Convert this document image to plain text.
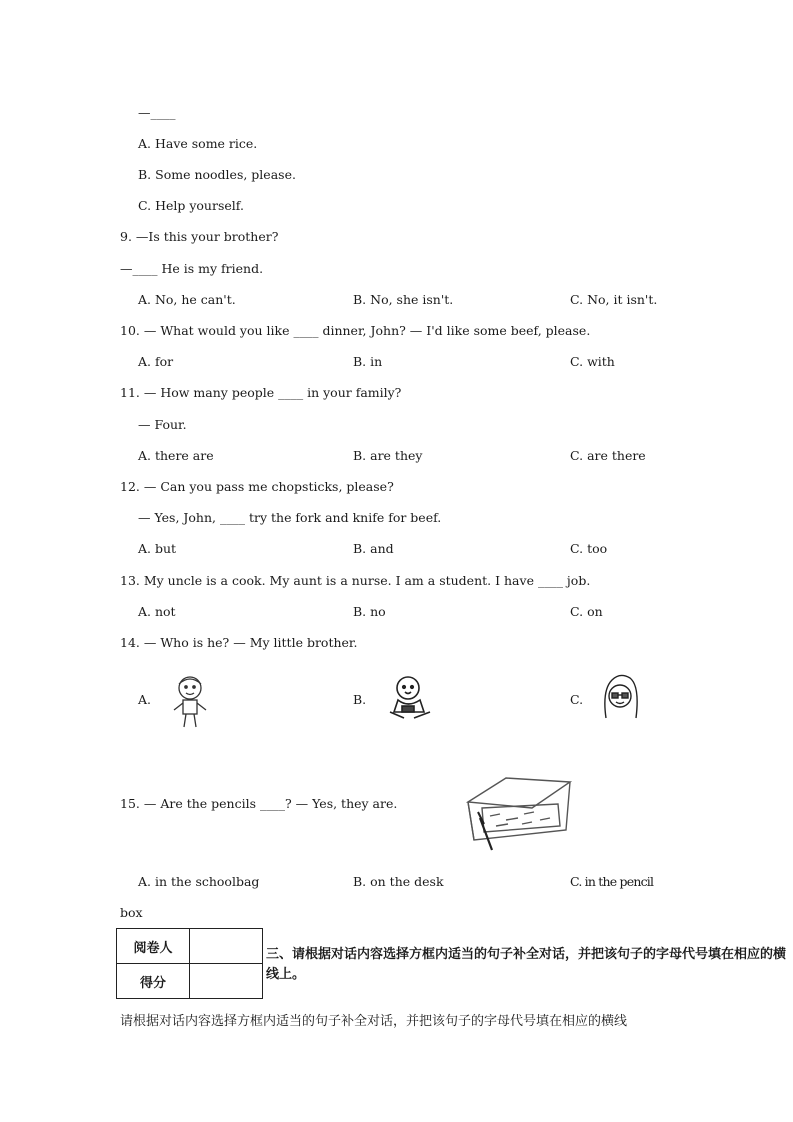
—____
A. Have some rice.
B. Some noodles, please.
C. Help yourself.
9. —Is this your brother?
—____ He is my friend.
A. No, he can't.	B. No, she isn't.	C. No, it isn't.
10. — What would you like ____ dinner, John? — I'd like some beef, please.
A. for	B. in	C. with
11. — How many people ____ in your family?
— Four.
A. there are	B. are they	C. are there
12. — Can you pass me chopsticks, please?
— Yes, John, ____ try the fork and knife for beef.
A. but	B. and	C. too
13. My uncle is a cook. My aunt is a nurse. I am a student. I have ____ job.
A. not	B. no	C. on
14. — Who is he? — My little brother.
A.	B.	C.
15. — Are the pencils ____? — Yes, they are.
A. in the schoolbag	B. on the desk	C. in the pencil
box
阅卷人	
得分	
三、请根据对话内容选择方框内适当的句子补全对话，并把该句子的字母代号填在相应的横线上。
请根据对话内容选择方框内适当的句子补全对话，并把该句子的字母代号填在相应的横线
